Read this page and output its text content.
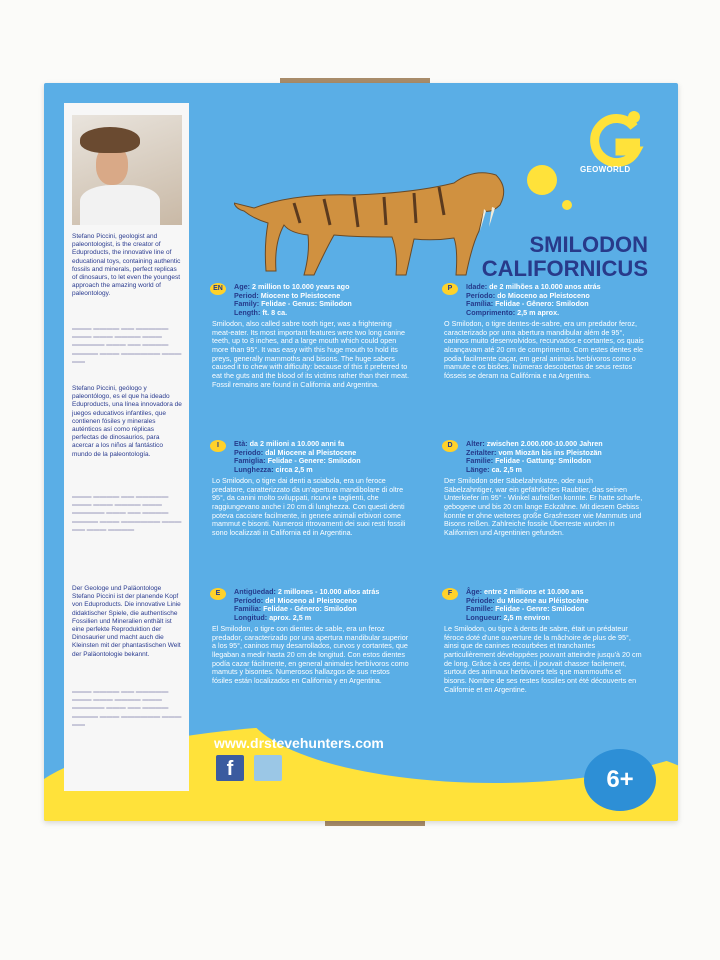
Stefano Piccini, geologist and paleontologist, is the creator of Eduproducts, the innovative line of educational toys, containing authentic fossils and minerals, perfect replicas of dinosaurs, to let even the youngest approach the amazing world of paleontology.
▬▬▬ ▬▬▬▬ ▬▬ ▬▬▬▬▬ ▬▬▬ ▬▬▬ ▬▬▬▬ ▬▬▬ ▬▬▬▬▬ ▬▬▬ ▬▬ ▬▬▬▬ ▬▬▬▬ ▬▬▬ ▬▬▬▬▬▬ ▬▬▬ ▬▬
Stefano Piccini, geólogo y paleontólogo, es el que ha ideado Eduproducts, una línea innovadora de juegos educativos infantiles, que contienen fósiles y minerales auténticos así como réplicas perfectas de dinosaurios, para acercar a los niños al fantástico mundo de la paleontología.
▬▬▬ ▬▬▬▬ ▬▬ ▬▬▬▬▬ ▬▬▬ ▬▬▬ ▬▬▬▬ ▬▬▬ ▬▬▬▬▬ ▬▬▬ ▬▬ ▬▬▬▬ ▬▬▬▬ ▬▬▬ ▬▬▬▬▬▬ ▬▬▬ ▬▬ ▬▬▬ ▬▬▬▬
Der Geologe und Paläontologe Stefano Piccini ist der planende Kopf von Eduproducts. Die innovative Linie didaktischer Spiele, die authentische Fossilien und Mineralien enthält ist eine perfekte Reproduktion der Dinosaurier und macht auch die Kleinsten mit der phantastischen Welt der Paläontologie bekannt.
▬▬▬ ▬▬▬▬ ▬▬ ▬▬▬▬▬ ▬▬▬ ▬▬▬ ▬▬▬▬ ▬▬▬ ▬▬▬▬▬ ▬▬▬ ▬▬ ▬▬▬▬ ▬▬▬▬ ▬▬▬ ▬▬▬▬▬▬ ▬▬▬ ▬▬
GEOWORLD
SMILODON
CALIFORNICUS
EN	Age: 2 million to 10.000 years ago
Period: Miocene to Pleistocene
Family: Felidae - Genus: Smilodon
Length: ft. 8 ca.
Smilodon, also called sabre tooth tiger, was a frightening meat-eater. Its most important features were two long canine teeth, up to 8 inches, and a large mouth which could open more than 95°. It was easy with this huge mouth to hold its preys, generally mammoths and bisons. The huge sabers caused it to chew with difficulty: because of this it preferred to eat the guts and the blood of its victims rather than their meat. Fossil remains are found in California and Argentina.
P	Idade: de 2 milhões a 10.000 anos atrás
Período: do Mioceno ao Pleistoceno
Família: Felidae - Gênero: Smilodon
Comprimento: 2,5 m aprox.
O Smilodon, o tigre dentes-de-sabre, era um predador feroz, caracterizado por uma abertura mandibular além de 95°, caninos muito desenvolvidos, recurvados e cortantes, os quais alcançavam até 20 cm de comprimento. Com estes dentes ele podia facilmente caçar, em geral animais herbívoros como o mamute e os bisões. Inúmeras descobertas de seus restos fósseis se deram na Califórnia e na Argentina.
I	Età: da 2 milioni a 10.000 anni fa
Periodo: dal Miocene al Pleistocene
Famiglia: Felidae - Genere: Smilodon
Lunghezza: circa 2,5 m
Lo Smilodon, o tigre dai denti a sciabola, era un feroce predatore, caratterizzato da un'apertura mandibolare di oltre 95°, da canini molto sviluppati, ricurvi e taglienti, che raggiungevano anche i 20 cm di lunghezza. Con questi denti poteva cacciare facilmente, in genere animali erbivori come mammut e bisonti. Numerosi ritrovamenti dei suoi resti fossili sono localizzati in California ed in Argentina.
D	Alter: zwischen 2.000.000-10.000 Jahren
Zeitalter: vom Miozän bis ins Pleistozän
Familie: Felidae - Gattung: Smilodon
Länge: ca. 2,5 m
Der Smilodon oder Säbelzahnkatze, oder auch Säbelzahntiger, war ein gefährliches Raubtier, das seinen Unterkiefer im 95° - Winkel aufreißen konnte. Er hatte scharfe, gebogene und bis 20 cm lange Eckzähne. Mit diesem Gebiss konnte er ohne weiteres große Grasfresser wie Mammuts und Bisons reißen. Zahlreiche fossile Überreste wurden in Kalifornien und Argentinien gefunden.
E	Antigüedad: 2 millones - 10.000 años atrás
Período: del Mioceno al Pleistoceno
Familia: Felidae - Género: Smilodon
Longitud: aprox. 2,5 m
El Smilodon, o tigre con dientes de sable, era un feroz predador, caracterizado por una apertura mandibular superior a los 95°, caninos muy desarrollados, curvos y cortantes, que llegaban a medir hasta 20 cm de longitud. Con estos dientes podía cazar fácilmente, en general animales herbívoros como mamuts y bisontes. Numerosos hallazgos de sus restos fósiles están localizados en California y en Argentina.
F	Âge: entre 2 millions et 10.000 ans
Période: du Miocène au Pléistocène
Famille: Felidae - Genre: Smilodon
Longueur: 2,5 m environ
Le Smilodon, ou tigre à dents de sabre, était un prédateur féroce doté d'une ouverture de la mâchoire de plus de 95°, ainsi que de canines recourbées et tranchantes particulièrement développées pouvant atteindre jusqu'à 20 cm de long. Grâce à ces dents, il pouvait chasser facilement, surtout des animaux herbivores tels que mammouths et bisons. Nombre de ses restes fossiles ont été découverts en Californie et en Argentine.
www.drstevehunters.com
f	6+
